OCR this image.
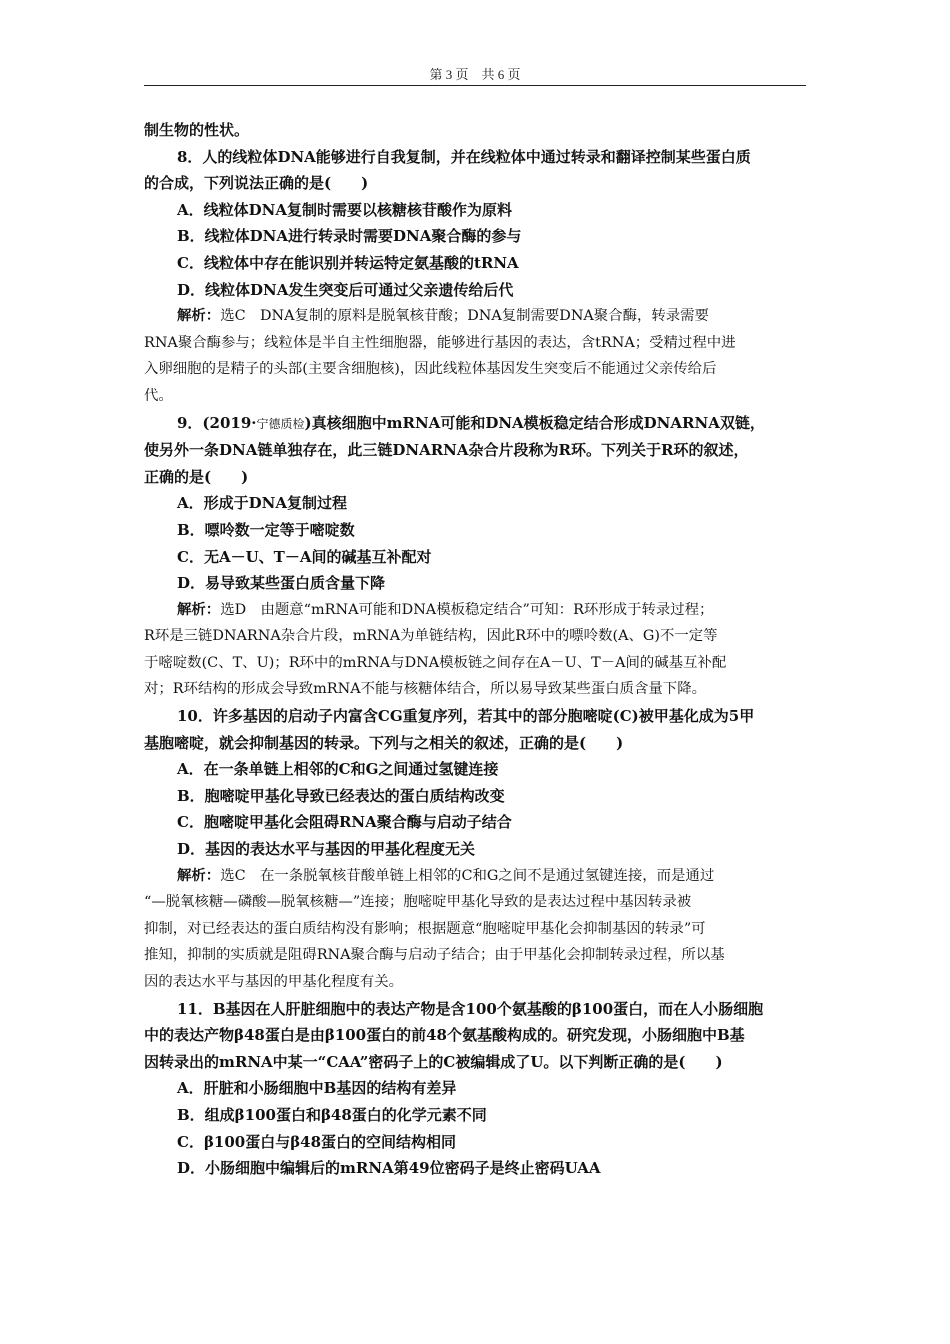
第 3 页　共 6 页
制生物的性状。
8．人的线粒体DNA能够进行自我复制，并在线粒体中通过转录和翻译控制某些蛋白质
的合成，下列说法正确的是(　　)
A．线粒体DNA复制时需要以核糖核苷酸作为原料
B．线粒体DNA进行转录时需要DNA聚合酶的参与
C．线粒体中存在能识别并转运特定氨基酸的tRNA
D．线粒体DNA发生突变后可通过父亲遗传给后代
解析：选C　DNA复制的原料是脱氧核苷酸；DNA复制需要DNA聚合酶，转录需要
RNA聚合酶参与；线粒体是半自主性细胞器，能够进行基因的表达，含tRNA；受精过程中进
入卵细胞的是精子的头部(主要含细胞核)，因此线粒体基因发生突变后不能通过父亲传给后
代。
9．(2019·宁德质检)真核细胞中mRNA可能和DNA模板稳定结合形成DNARNA双链，
使另外一条DNA链单独存在，此三链DNARNA杂合片段称为R环。下列关于R环的叙述，
正确的是(　　)
A．形成于DNA复制过程
B．嘌呤数一定等于嘧啶数
C．无A－U、T－A间的碱基互补配对
D．易导致某些蛋白质含量下降
解析：选D　由题意“mRNA可能和DNA模板稳定结合”可知：R环形成于转录过程；
R环是三链DNARNA杂合片段，mRNA为单链结构，因此R环中的嘌呤数(A、G)不一定等
于嘧啶数(C、T、U)；R环中的mRNA与DNA模板链之间存在A－U、T－A间的碱基互补配
对；R环结构的形成会导致mRNA不能与核糖体结合，所以易导致某些蛋白质含量下降。
10．许多基因的启动子内富含CG重复序列，若其中的部分胞嘧啶(C)被甲基化成为5甲
基胞嘧啶，就会抑制基因的转录。下列与之相关的叙述，正确的是(　　)
A．在一条单链上相邻的C和G之间通过氢键连接
B．胞嘧啶甲基化导致已经表达的蛋白质结构改变
C．胞嘧啶甲基化会阻碍RNA聚合酶与启动子结合
D．基因的表达水平与基因的甲基化程度无关
解析：选C　在一条脱氧核苷酸单链上相邻的C和G之间不是通过氢键连接，而是通过
“—脱氧核糖—磷酸—脱氧核糖—”连接；胞嘧啶甲基化导致的是表达过程中基因转录被
抑制，对已经表达的蛋白质结构没有影响；根据题意“胞嘧啶甲基化会抑制基因的转录”可
推知，抑制的实质就是阻碍RNA聚合酶与启动子结合；由于甲基化会抑制转录过程，所以基
因的表达水平与基因的甲基化程度有关。
11．B基因在人肝脏细胞中的表达产物是含100个氨基酸的β100蛋白，而在人小肠细胞
中的表达产物β48蛋白是由β100蛋白的前48个氨基酸构成的。研究发现，小肠细胞中B基
因转录出的mRNA中某一“CAA”密码子上的C被编辑成了U。以下判断正确的是(　　)
A．肝脏和小肠细胞中B基因的结构有差异
B．组成β100蛋白和β48蛋白的化学元素不同
C．β100蛋白与β48蛋白的空间结构相同
D．小肠细胞中编辑后的mRNA第49位密码子是终止密码UAA
